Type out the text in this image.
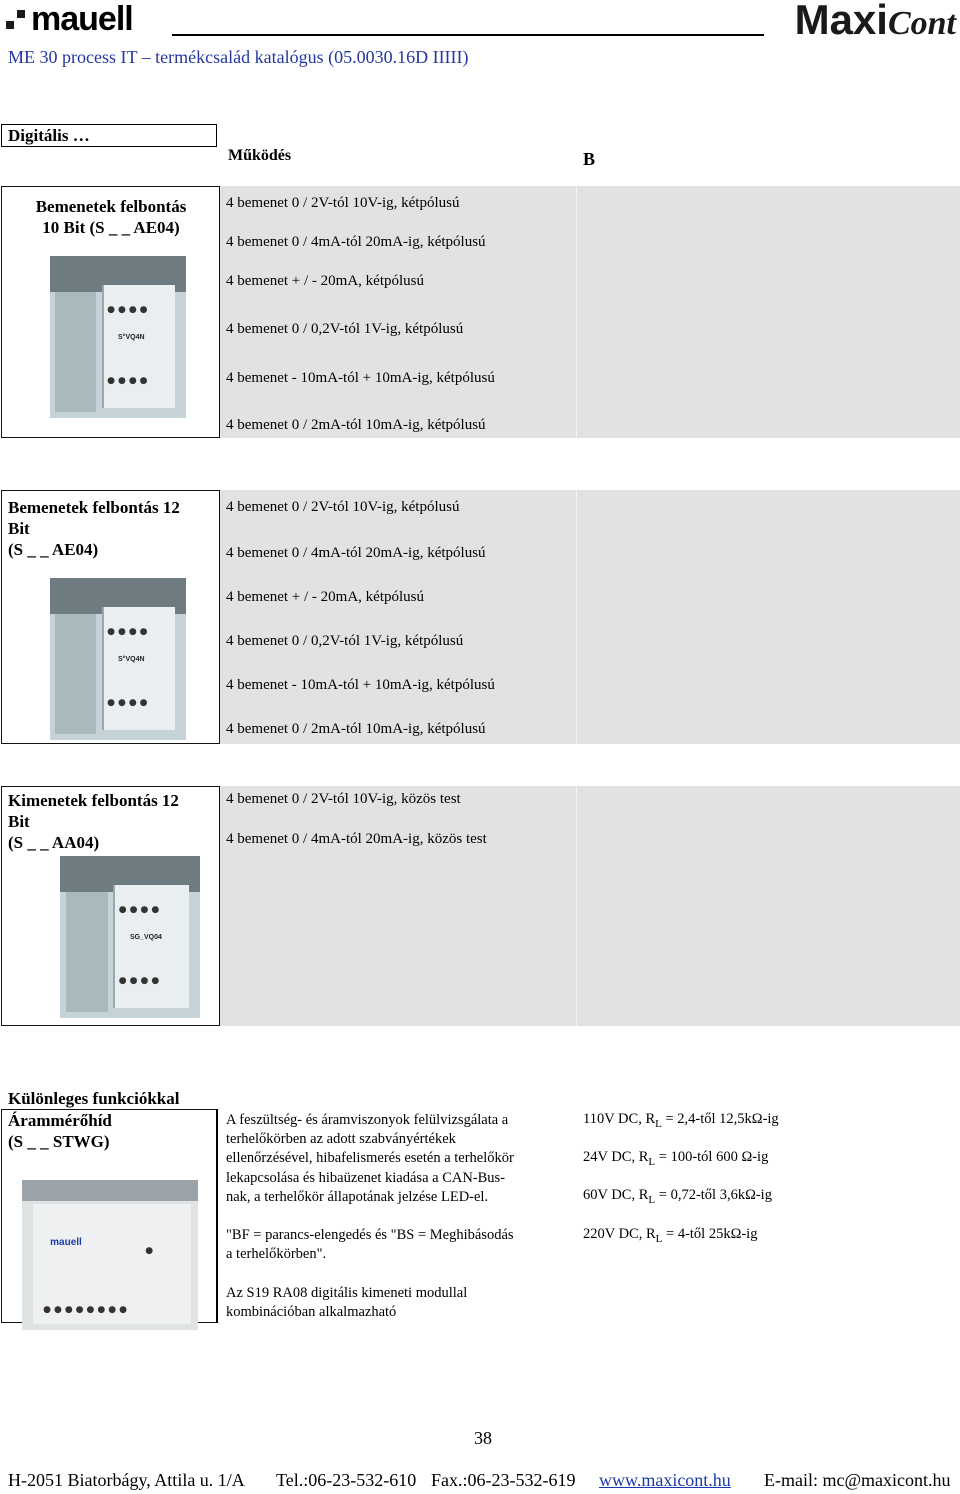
mauell	MaxiCont
ME 30 process IT – termékcsalád katalógus (05.0030.16D IIIII)
Digitális …
Működés	B
Bemenetek felbontás
10 Bit (S _ _ AE04)
●●●●
S°VQ4N
●●●●
4 bemenet 0 / 2V-tól 10V-ig, kétpólusú
4 bemenet 0 / 4mA-tól 20mA-ig, kétpólusú
4 bemenet + / - 20mA, kétpólusú
4 bemenet 0 / 0,2V-tól 1V-ig, kétpólusú
4 bemenet - 10mA-tól + 10mA-ig, kétpólusú
4 bemenet 0 / 2mA-tól 10mA-ig, kétpólusú
Bemenetek felbontás 12
Bit
(S _ _ AE04)
●●●●
S°VQ4N
●●●●
4 bemenet 0 / 2V-tól 10V-ig, kétpólusú
4 bemenet 0 / 4mA-tól 20mA-ig, kétpólusú
4 bemenet + / - 20mA, kétpólusú
4 bemenet 0 / 0,2V-tól 1V-ig, kétpólusú
4 bemenet - 10mA-tól + 10mA-ig, kétpólusú
4 bemenet 0 / 2mA-tól 10mA-ig, kétpólusú
Kimenetek felbontás 12
Bit
(S _ _ AA04)
●●●●
SG_VQ04
●●●●
4 bemenet 0 / 2V-tól 10V-ig, közös test
4 bemenet 0 / 4mA-tól 20mA-ig, közös test
Különleges funkciókkal
Árammérőhíd
(S _ _ STWG)
mauell
●
●●●●●●●●
A feszültség- és áramviszonyok felülvizsgálata a
terhelőkörben az adott szabványértékek
ellenőrzésével, hibafelismerés esetén a terhelőkör
lekapcsolása és hibaüzenet kiadása a CAN-Bus-
nak, a terhelőkör állapotának jelzése LED-el.
"BF = parancs-elengedés és "BS = Meghibásodás
a terhelőkörben".
Az S19 RA08 digitális kimeneti modullal
kombinációban alkalmazható
110V DC, $R_L$ = 2,4-től 12,5kΩ-ig
24V DC, $R_L$ = 100-tól 600 Ω-ig
60V DC, $R_L$ = 0,72-től 3,6kΩ-ig
220V DC, $R_L$ = 4-től 25kΩ-ig
38
H-2051 Biatorbágy, Attila u. 1/A Tel.:06-23-532-610 Fax.:06-23-532-619 www.maxicont.hu E-mail: mc@maxicont.hu
